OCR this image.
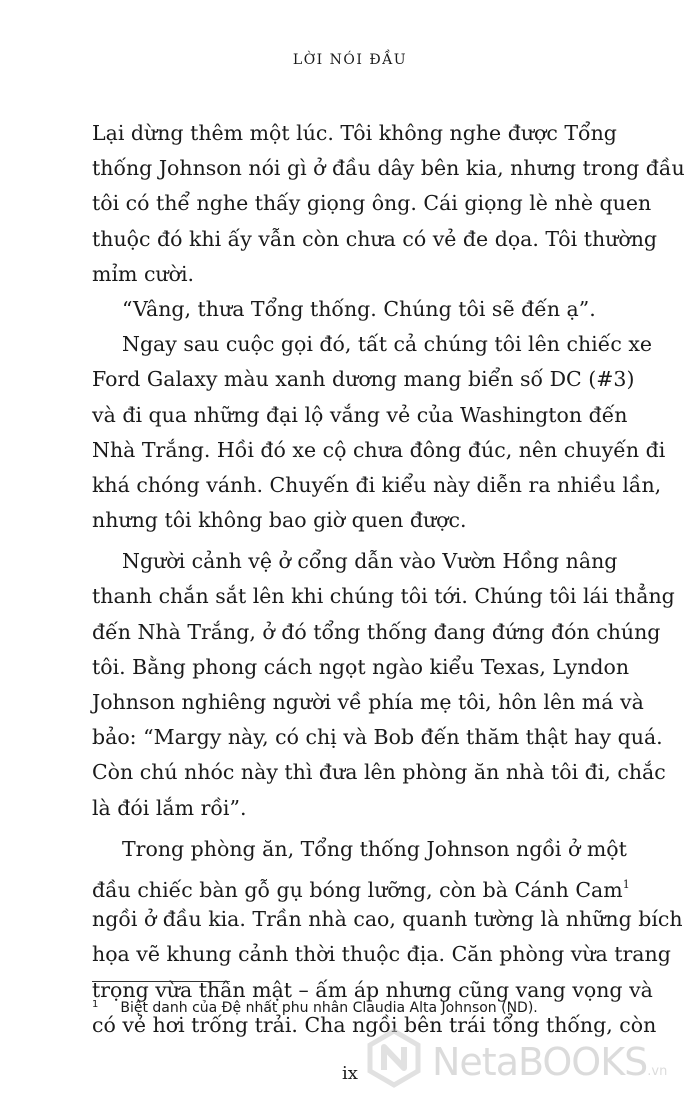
LỜI NÓI ĐẦU
Lại dừng thêm một lúc. Tôi không nghe được Tổng
thống Johnson nói gì ở đầu dây bên kia, nhưng trong đầu
tôi có thể nghe thấy giọng ông. Cái giọng lè nhè quen
thuộc đó khi ấy vẫn còn chưa có vẻ đe dọa. Tôi thường
mỉm cười.
“Vâng, thưa Tổng thống. Chúng tôi sẽ đến ạ”.
Ngay sau cuộc gọi đó, tất cả chúng tôi lên chiếc xe
Ford Galaxy màu xanh dương mang biển số DC (#3)
và đi qua những đại lộ vắng vẻ của Washington đến
Nhà Trắng. Hồi đó xe cộ chưa đông đúc, nên chuyến đi
khá chóng vánh. Chuyến đi kiểu này diễn ra nhiều lần,
nhưng tôi không bao giờ quen được.
Người cảnh vệ ở cổng dẫn vào Vườn Hồng nâng
thanh chắn sắt lên khi chúng tôi tới. Chúng tôi lái thẳng
đến Nhà Trắng, ở đó tổng thống đang đứng đón chúng
tôi. Bằng phong cách ngọt ngào kiểu Texas, Lyndon
Johnson nghiêng người về phía mẹ tôi, hôn lên má và
bảo: “Margy này, có chị và Bob đến thăm thật hay quá.
Còn chú nhóc này thì đưa lên phòng ăn nhà tôi đi, chắc
là đói lắm rồi”.
Trong phòng ăn, Tổng thống Johnson ngồi ở một
đầu chiếc bàn gỗ gụ bóng lưỡng, còn bà Cánh Cam$^1$
ngồi ở đầu kia. Trần nhà cao, quanh tường là những bích
họa vẽ khung cảnh thời thuộc địa. Căn phòng vừa trang
trọng vừa thân mật – ấm áp nhưng cũng vang vọng và
có vẻ hơi trống trải. Cha ngồi bên trái tổng thống, còn
$^1$ Biệt danh của Đệ nhất phu nhân Claudia Alta Johnson (ND).
ix	NetaBOOKS.vn
